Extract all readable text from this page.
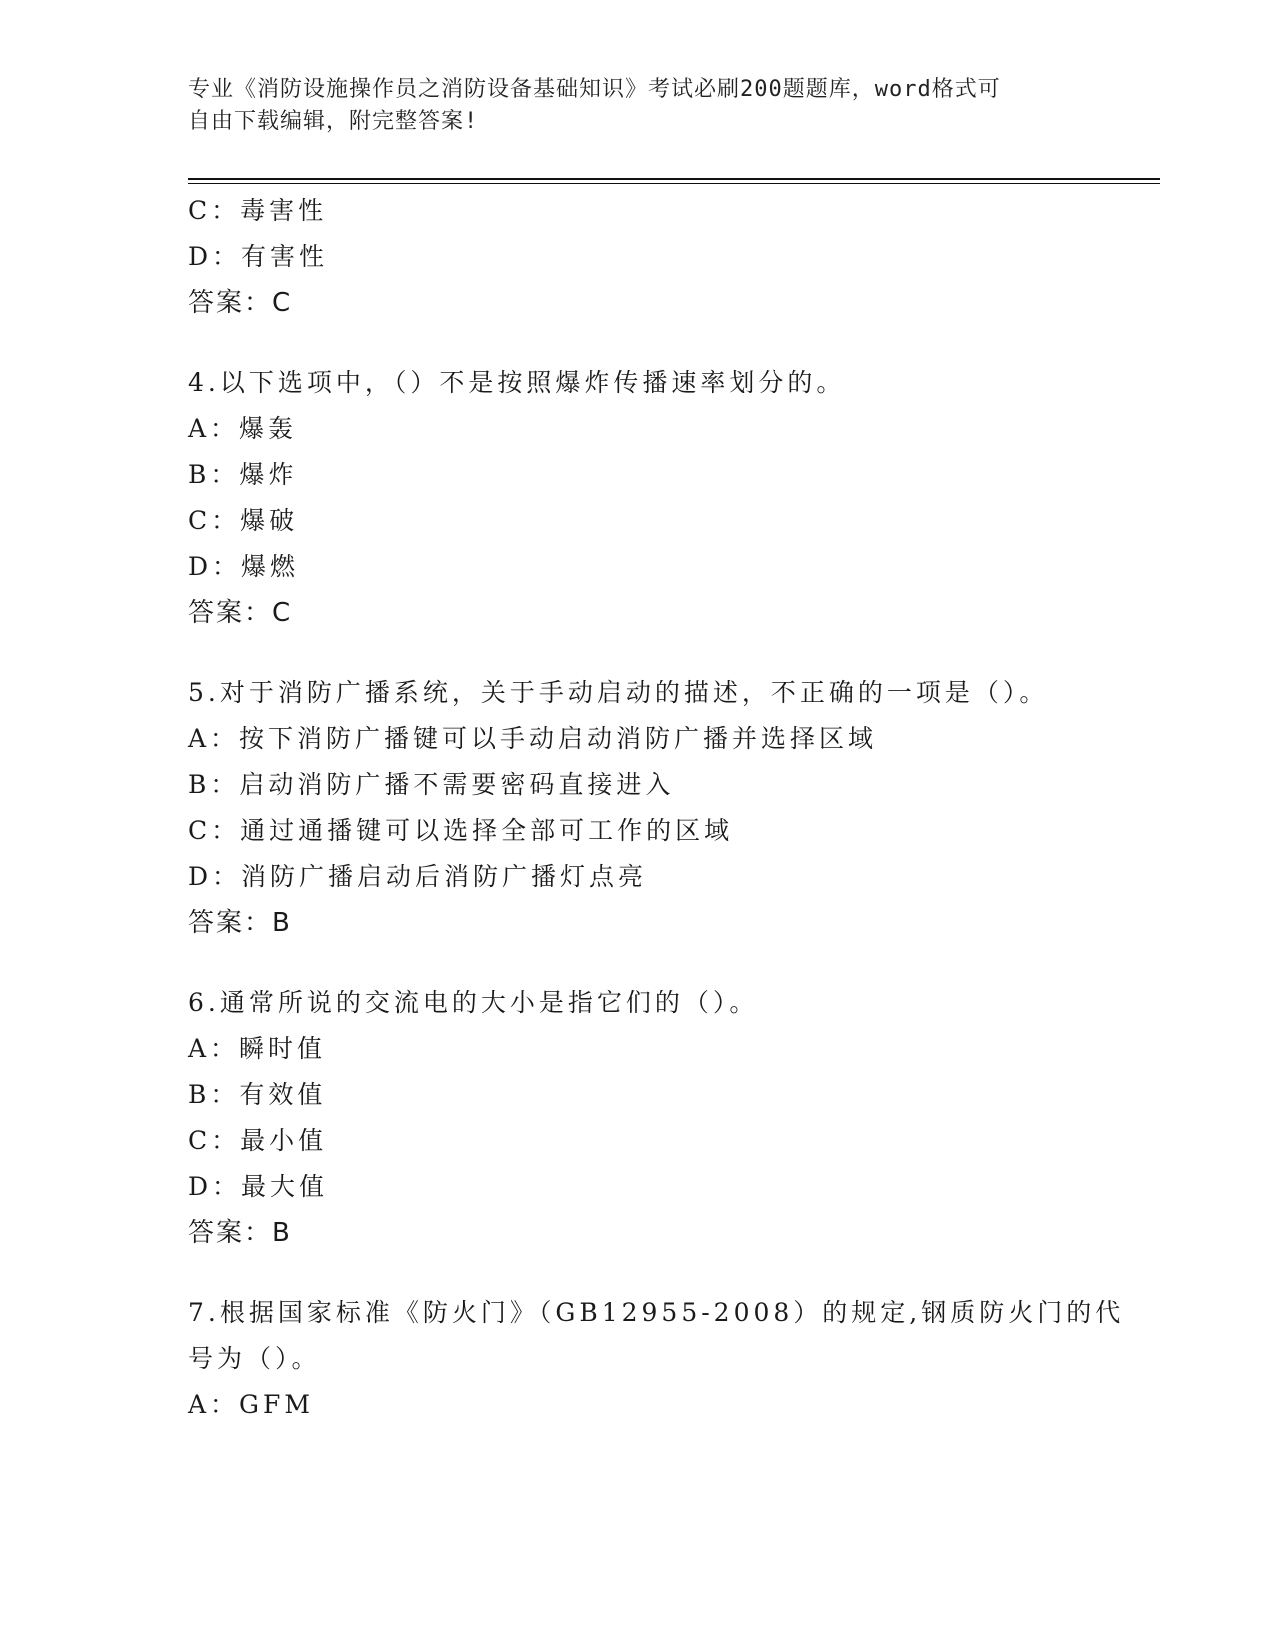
专业《消防设施操作员之消防设备基础知识》考试必刷200题题库，word格式可
自由下载编辑，附完整答案!
C：毒害性
D：有害性
答案：C
4.以下选项中，（）不是按照爆炸传播速率划分的。
A：爆轰
B：爆炸
C：爆破
D：爆燃
答案：C
5.对于消防广播系统，关于手动启动的描述，不正确的一项是（）。
A：按下消防广播键可以手动启动消防广播并选择区域
B：启动消防广播不需要密码直接进入
C：通过通播键可以选择全部可工作的区域
D：消防广播启动后消防广播灯点亮
答案：B
6.通常所说的交流电的大小是指它们的（）。
A：瞬时值
B：有效值
C：最小值
D：最大值
答案：B
7.根据国家标准《防火门》（GB12955-2008）的规定,钢质防火门的代
号为（）。
A：GFM
